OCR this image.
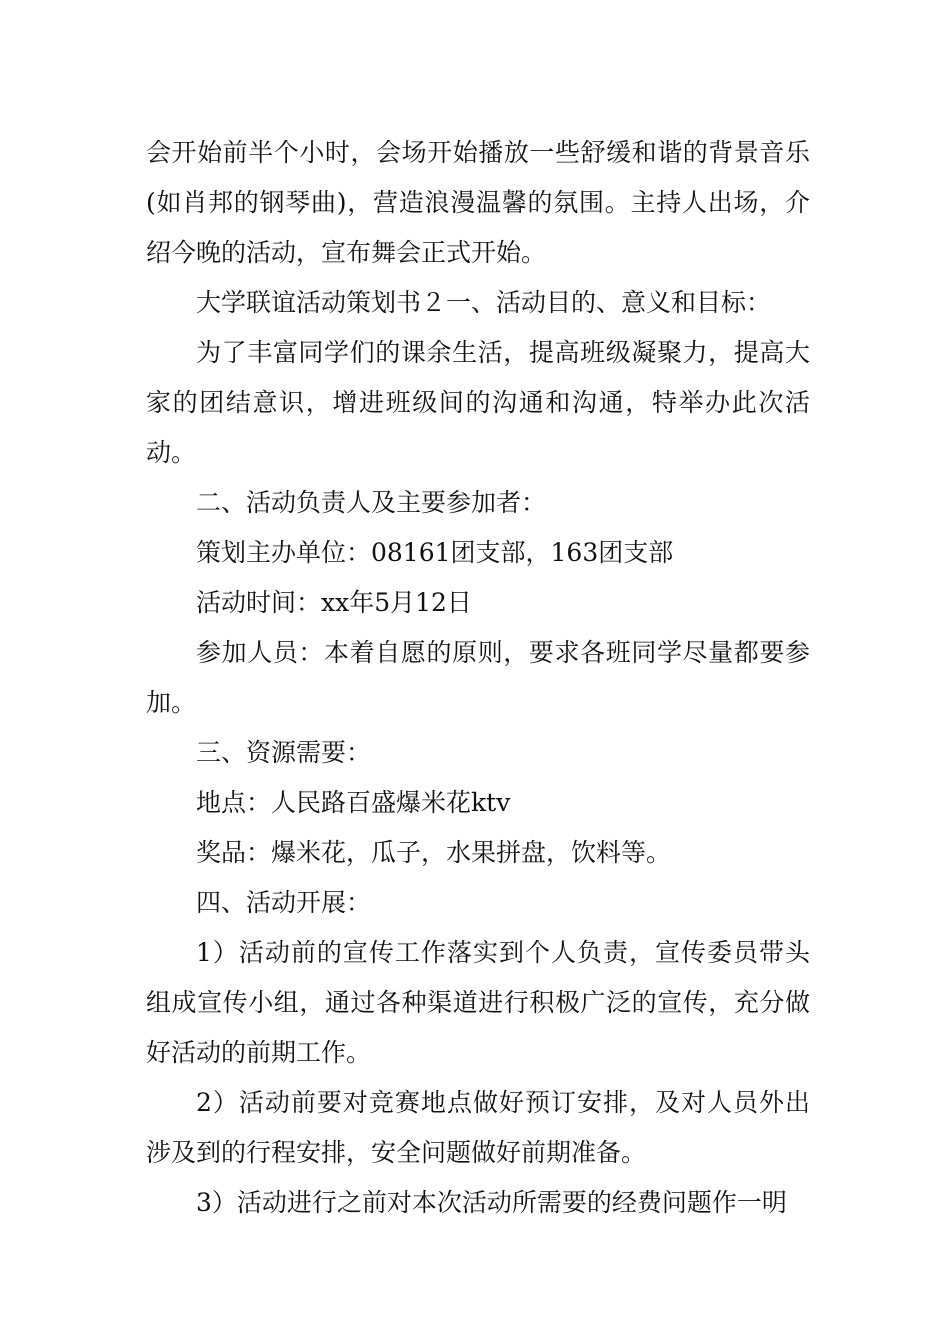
会开始前半个小时，会场开始播放一些舒缓和谐的背景音乐(如肖邦的钢琴曲)，营造浪漫温馨的氛围。主持人出场，介绍今晚的活动，宣布舞会正式开始。

大学联谊活动策划书２一、活动目的、意义和目标：

为了丰富同学们的课余生活，提高班级凝聚力，提高大家的团结意识，增进班级间的沟通和沟通，特举办此次活动。

二、活动负责人及主要参加者：

策划主办单位：08161团支部，163团支部

活动时间：xx年5月12日

参加人员：本着自愿的原则，要求各班同学尽量都要参加。

三、资源需要：

地点：人民路百盛爆米花ktv

奖品：爆米花，瓜子，水果拼盘，饮料等。

四、活动开展：

1）活动前的宣传工作落实到个人负责，宣传委员带头组成宣传小组，通过各种渠道进行积极广泛的宣传，充分做好活动的前期工作。

2）活动前要对竞赛地点做好预订安排，及对人员外出涉及到的行程安排，安全问题做好前期准备。

3）活动进行之前对本次活动所需要的经费问题作一明
